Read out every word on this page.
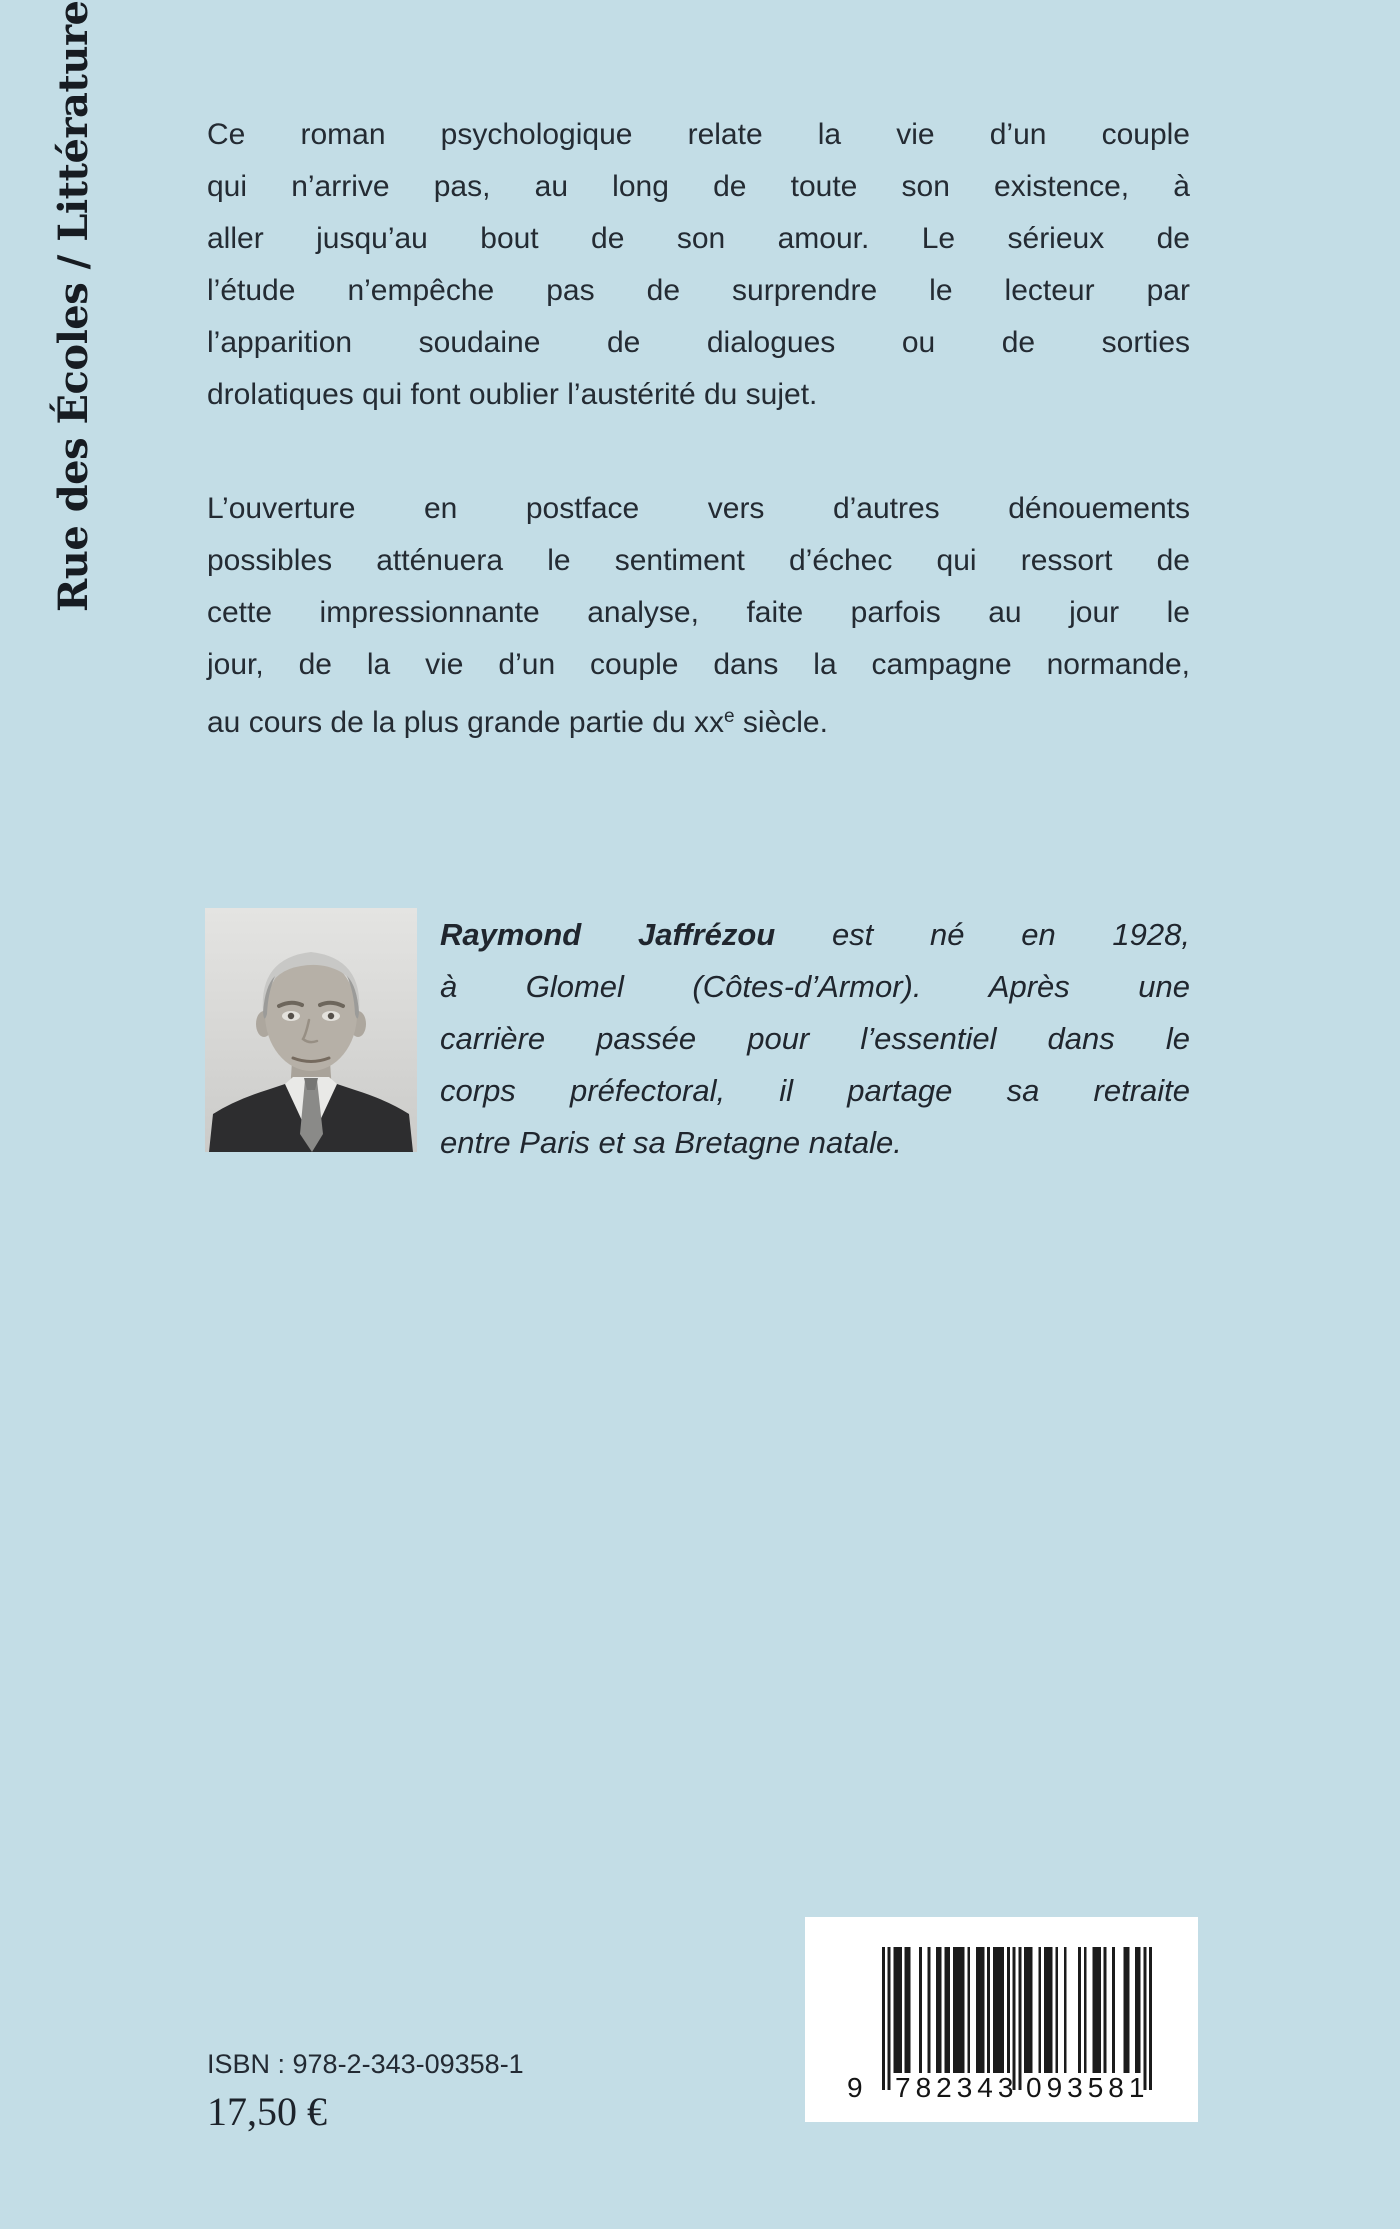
Rue des Écoles / Littérature	Ce roman psychologique relate la vie d’un couple
qui n’arrive pas, au long de toute son existence, à
aller jusqu’au bout de son amour. Le sérieux de
l’étude n’empêche pas de surprendre le lecteur par
l’apparition soudaine de dialogues ou de sorties
drolatiques qui font oublier l’austérité du sujet.
L’ouverture en postface vers d’autres dénouements
possibles atténuera le sentiment d’échec qui ressort de
cette impressionnante analyse, faite parfois au jour le
jour, de la vie d’un couple dans la campagne normande,
au cours de la plus grande partie du $xx^e$ siècle.
Raymond Jaffrézou est né en 1928,
à Glomel (Côtes-d’Armor). Après une
carrière passée pour l’essentiel dans le
corps préfectoral, il partage sa retraite
entre Paris et sa Bretagne natale.
ISBN : 978-2-343-09358-1
17,50 €
9 782343 093581
